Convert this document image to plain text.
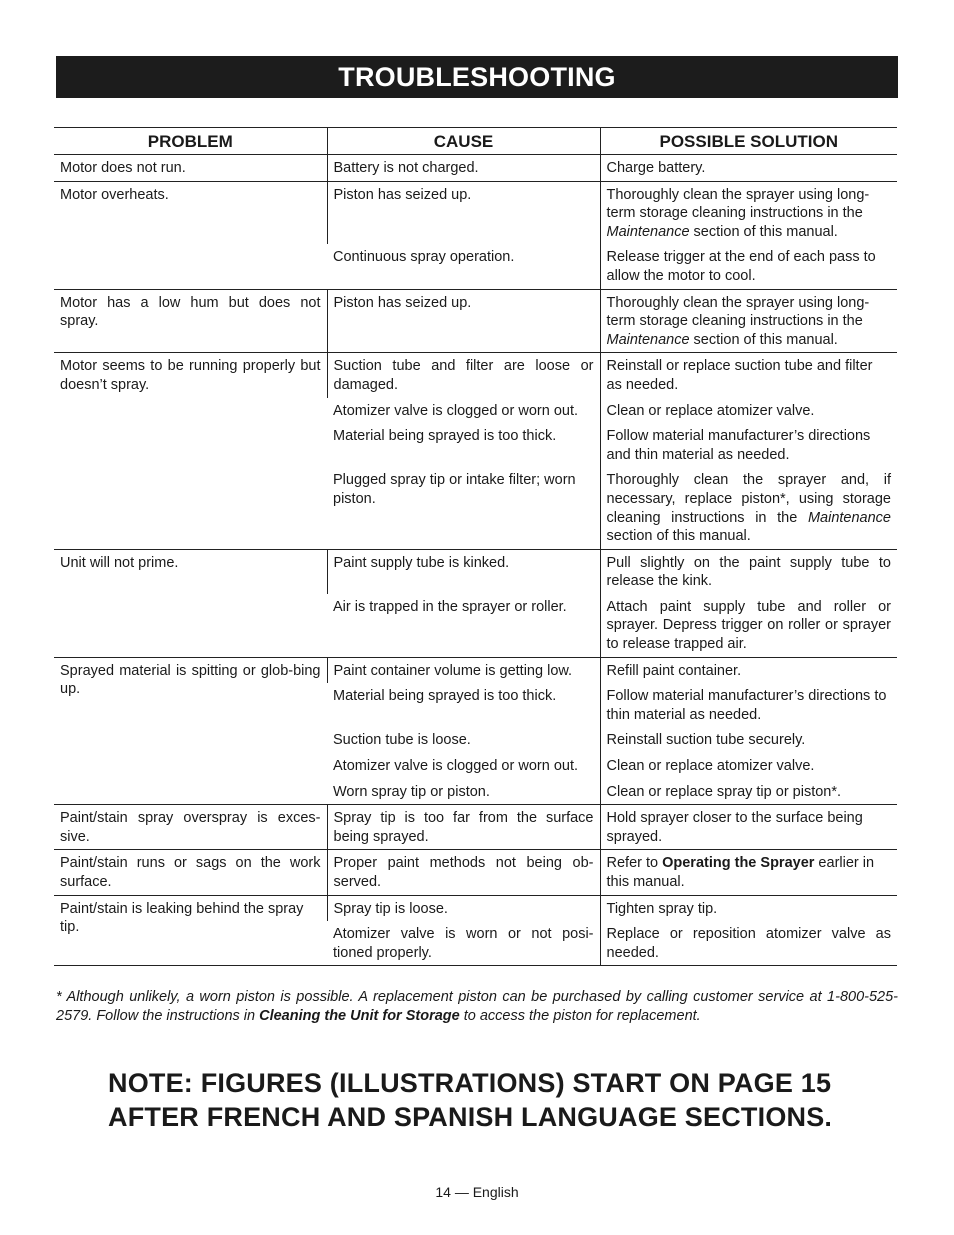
TROUBLESHOOTING
PROBLEM	CAUSE	POSSIBLE SOLUTION
Motor does not run.	Battery is not charged.	Charge battery.
Motor overheats.	Piston has seized up.	Thoroughly clean the sprayer using long-term storage cleaning instructions in the Maintenance section of this manual.
	Continuous spray operation.	Release trigger at the end of each pass to allow the motor to cool.
Motor has a low hum but does not spray.	Piston has seized up.	Thoroughly clean the sprayer using long-term storage cleaning instructions in the Maintenance section of this manual.
Motor seems to be running properly but doesn’t spray.	Suction tube and filter are loose or damaged.	Reinstall or replace suction tube and filter as needed.
	Atomizer valve is clogged or worn out.	Clean or replace atomizer valve.
	Material being sprayed is too thick.	Follow material manufacturer’s directions and thin material as needed.
	Plugged spray tip or intake filter; worn piston.	Thoroughly clean the sprayer and, if necessary, replace piston*, using storage cleaning instructions in the Maintenance section of this manual.
Unit will not prime.	Paint supply tube is kinked.	Pull slightly on the paint supply tube to release the kink.
	Air is trapped in the sprayer or roller.	Attach paint supply tube and roller or sprayer. Depress trigger on roller or sprayer to release trapped air.
Sprayed material is spitting or glob-bing up.	Paint container volume is getting low.	Refill paint container.
	Material being sprayed is too thick.	Follow material manufacturer’s directions to thin material as needed.
	Suction tube is loose.	Reinstall suction tube securely.
	Atomizer valve is clogged or worn out.	Clean or replace atomizer valve.
	Worn spray tip or piston.	Clean or replace spray tip or piston*.
Paint/stain spray overspray is exces-sive.	Spray tip is too far from the surface being sprayed.	Hold sprayer closer to the surface being sprayed.
Paint/stain runs or sags on the work surface.	Proper paint methods not being ob-served.	Refer to Operating the Sprayer earlier in this manual.
Paint/stain is leaking behind the spray tip.	Spray tip is loose.	Tighten spray tip.
	Atomizer valve is worn or not posi-tioned properly.	Replace or reposition atomizer valve as needed.
* Although unlikely, a worn piston is possible. A replacement piston can be purchased by calling customer service at 1-800-525-2579. Follow the instructions in Cleaning the Unit for Storage to access the piston for replacement.
NOTE: FIGURES (ILLUSTRATIONS) START ON PAGE 15
AFTER FRENCH AND SPANISH LANGUAGE SECTIONS.
14 — English
